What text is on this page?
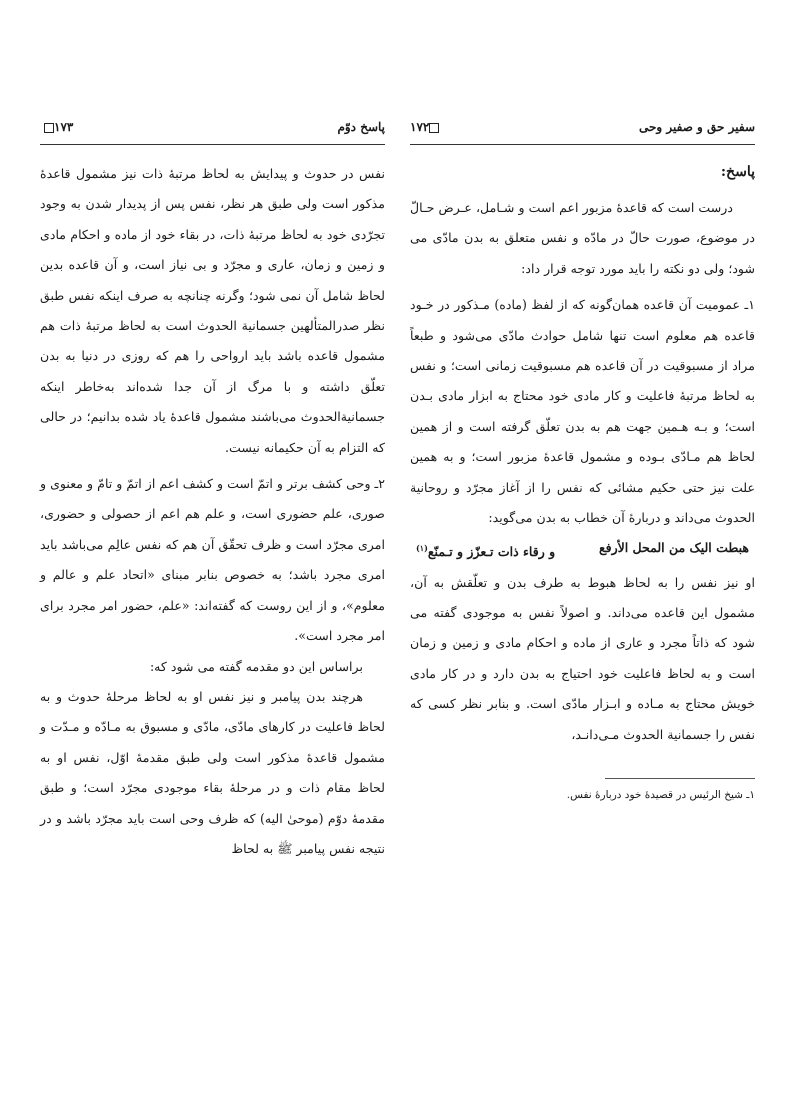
پاسخ دوّم
۱۷۳

نفس در حدوث و پیدایش به لحاظ مرتبهٔ ذات نیز مشمول قاعدهٔ مذکور است ولی طبق هر نظر، نفس پس از پدیدار شدن به وجود تجرّدی خود به لحاظ مرتبهٔ ذات، در بقاء خود از ماده و احکام مادی و زمین و زمان، عاری و مجرّد و بی نیاز است، و آن قاعده بدین لحاظ شامل آن نمی شود؛ وگرنه چنانچه به صرف اینکه نفس طبق نظر صدرالمتألهین جسمانیة الحدوث است به لحاظ مرتبهٔ ذات هم مشمول قاعده باشد باید ارواحی را هم که روزی در دنیا به بدن تعلّق داشته و با مرگ از آن جدا شده‌اند به‌خاطر اینکه جسمانیةالحدوث می‌باشند مشمول قاعدهٔ یاد شده بدانیم؛ در حالی که التزام به آن حکیمانه نیست.

۲ـ وحی کشف برتر و اتمّ است و کشف اعم از اتمّ و تامّ و معنوی و صوری، علم حضوری است، و علم هم اعم از حصولی و حضوری، امری مجرّد است و ظرف تحقّق آن هم که نفس عالِم می‌باشد باید امری مجرد باشد؛ به خصوص بنابر مبنای «اتحاد علم و عالم و معلوم»، و از این روست که گفته‌اند: «علم، حضور امر مجرد برای امر مجرد است».

براساس این دو مقدمه گفته می شود که:

هرچند بدن پیامبر و نیز نفس او به لحاظ مرحلهٔ حدوث و به لحاظ فاعلیت در کارهای مادّی، مادّی و مسبوق به مـادّه و مـدّت و مشمول قاعدهٔ مذکور است ولی طبق مقدمهٔ اوّل، نفس او به لحاظ مقام ذات و در مرحلهٔ بقاء موجودی مجرّد است؛ و طبق مقدمهٔ دوّم (موحیٰ الیه) که ظرف وحی است باید مجرّد باشد و در نتیجه نفس پیامبر ﷺ به لحاظ

سفیر حق و صفیر وحی
۱۷۲
پاسخ:

درست است که قاعدهٔ مزبور اعم است و شـامل، عـرض حـالّ در موضوع، صورت حالّ در مادّه و نفس متعلق به بدن مادّی می شود؛ ولی دو نکته را باید مورد توجه قرار داد:

۱ـ عمومیت آن قاعده همان‌گونه که از لفظ (ماده) مـذکور در خـود قاعده هم معلوم است تنها شامل حوادث مادّی می‌شود و طبعاً مراد از مسبوقیت در آن قاعده هم مسبوقیت زمانی است؛ و نفس به لحاظ مرتبهٔ فاعلیت و کار مادی خود محتاج به ابزار مادی بـدن است؛ و بـه هـمین جهت هم به بدن تعلّق گرفته است و از همین لحاظ هم مـادّی بـوده و مشمول قاعدهٔ مزبور است؛ و به همین علت نیز حتی حکیم مشائی که نفس را از آغاز مجرّد و روحانیة الحدوث می‌داند و دربارهٔ آن خطاب به بدن می‌گوید:

هبطت الیک من المحل الأرفع
و رقاء ذات تـعزّز و تـمنّع$^{(۱)}$

او نیز نفس را به لحاظ هبوط به طرف بدن و تعلّقش به آن، مشمول این قاعده می‌داند. و اصولاً نفس به موجودی گفته می شود که ذاتاً مجرد و عاری از ماده و احکام مادی و زمین و زمان است و به لحاظ فاعلیت خود احتیاج به بدن دارد و در کار مادی خویش محتاج به مـاده و ابـزار مادّی است. و بنابر نظر کسی که نفس را جسمانیة الحدوث مـی‌دانـد،

۱ـ شیخ الرئیس در قصیدهٔ خود دربارهٔ نفس.
